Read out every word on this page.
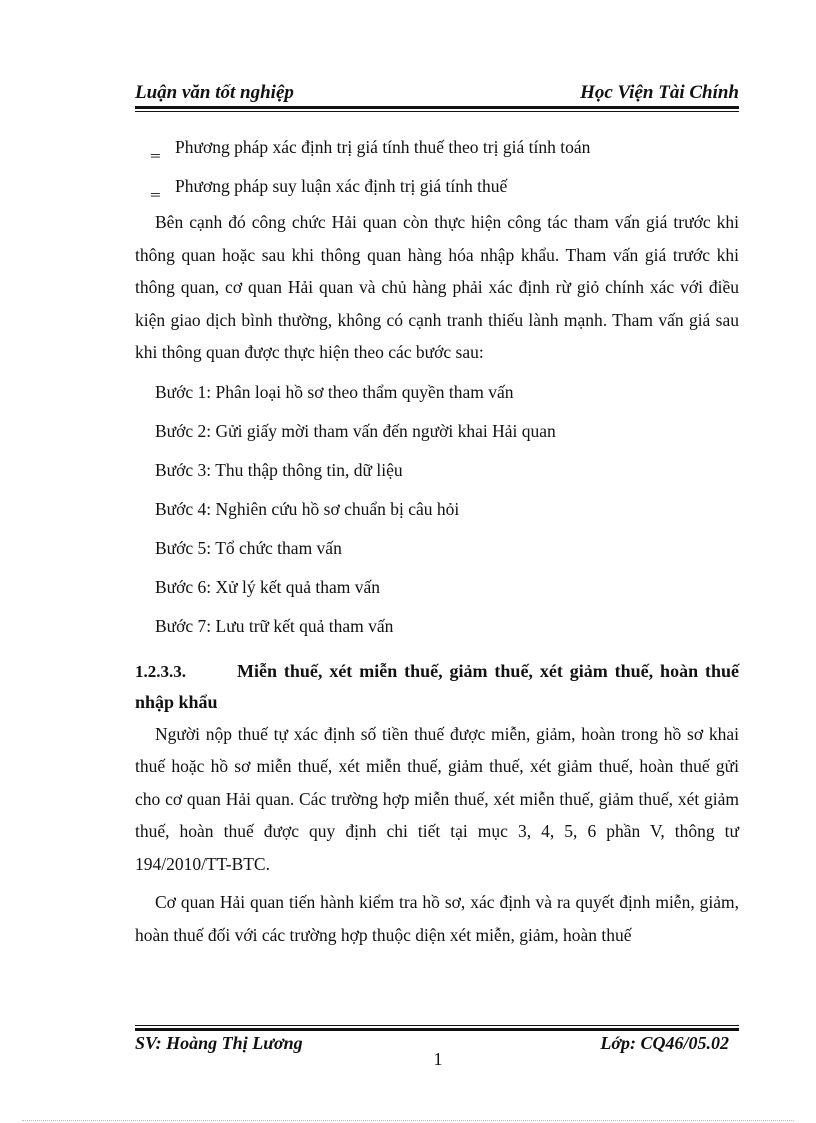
Luận văn tốt nghiệp	Học Viện Tài Chính
‗ Phương pháp xác định trị giá tính thuế theo trị giá tính toán
‗ Phương pháp suy luận xác định trị giá tính thuế

Bên cạnh đó công chức Hải quan còn thực hiện công tác tham vấn giá trước khi thông quan hoặc sau khi thông quan hàng hóa nhập khẩu. Tham vấn giá trước khi thông quan, cơ quan Hải quan và chủ hàng phải xác định rừ giỏ chính xác với điều kiện giao dịch bình thường, không có cạnh tranh thiếu lành mạnh. Tham vấn giá sau khi thông quan được thực hiện theo các bước sau:

Bước 1: Phân loại hồ sơ theo thẩm quyền tham vấn
Bước 2: Gửi giấy mời tham vấn đến người khai Hải quan
Bước 3: Thu thập thông tin, dữ liệu
Bước 4: Nghiên cứu hồ sơ chuẩn bị câu hỏi
Bước 5: Tổ chức tham vấn
Bước 6: Xử lý kết quả tham vấn
Bước 7: Lưu trữ kết quả tham vấn

1.2.3.3.	Miễn thuế, xét miễn thuế, giảm thuế, xét giảm thuế, hoàn thuế nhập khẩu

Người nộp thuế tự xác định số tiền thuế được miễn, giảm, hoàn trong hồ sơ khai thuế hoặc hồ sơ miễn thuế, xét miễn thuế, giảm thuế, xét giảm thuế, hoàn thuế gửi cho cơ quan Hải quan. Các trường hợp miễn thuế, xét miễn thuế, giảm thuế, xét giảm thuế, hoàn thuế được quy định chi tiết tại mục 3, 4, 5, 6 phần V, thông tư 194/2010/TT-BTC.

Cơ quan Hải quan tiến hành kiểm tra hồ sơ, xác định và ra quyết định miễn, giảm, hoàn thuế đối với các trường hợp thuộc diện xét miễn, giảm, hoàn thuế

SV: Hoàng Thị Lương	Lớp: CQ46/05.02
1
